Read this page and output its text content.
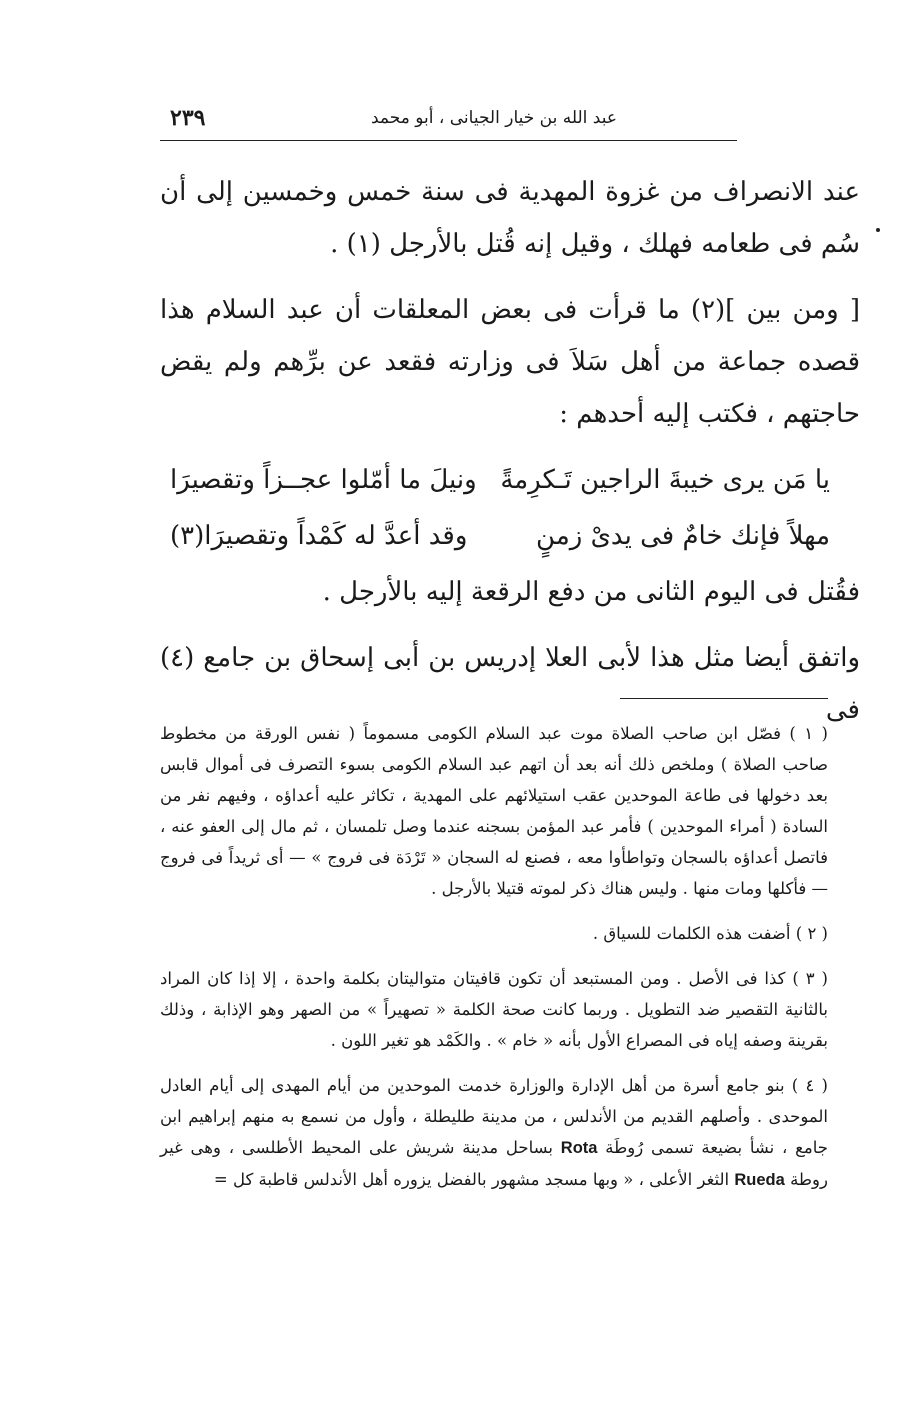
عبد الله بن خيار الجيانى ، أبو محمد
٢٣٩

عند الانصراف من غزوة المهدية فى سنة خمس وخمسين إلى أن سُم فى طعامه فهلك ، وقيل إنه قُتل بالأرجل (١) .

[ ومن بين ](٢) ما قرأت فى بعض المعلقات أن عبد السلام هذا قصده جماعة من أهل سَلاَ فى وزارته فقعد عن برِّهم ولم يقض حاجتهم ، فكتب إليه أحدهم :

يا مَن يرى خيبةَ الراجين تَـكرِمةً
ونيلَ ما أمّلوا عجــزاً وتقصيرَا
مهلاً فإنك خامٌ فى يدىْ زمنٍ
وقد أعدَّ له كَمْداً وتقصيرَا(٣)

فقُتل فى اليوم الثانى من دفع الرقعة إليه بالأرجل .

واتفق أيضا مثل هذا لأبى العلا إدريس بن أبى إسحاق بن جامع (٤) فى

( ١ ) فصّل ابن صاحب الصلاة موت عبد السلام الكومى مسموماً ( نفس الورقة من مخطوط صاحب الصلاة ) وملخص ذلك أنه بعد أن اتهم عبد السلام الكومى بسوء التصرف فى أموال قابس بعد دخولها فى طاعة الموحدين عقب استيلائهم على المهدية ، تكاثر عليه أعداؤه ، وفيهم نفر من السادة ( أمراء الموحدين ) فأمر عبد المؤمن بسجنه عندما وصل تلمسان ، ثم مال إلى العفو عنه ، فاتصل أعداؤه بالسجان وتواطأوا معه ، فصنع له السجان « تَرْدَة فى فروج » — أى ثريداً فى فروج — فأكلها ومات منها . وليس هناك ذكر لموته قتيلا بالأرجل .

( ٢ ) أضفت هذه الكلمات للسياق .

( ٣ ) كذا فى الأصل . ومن المستبعد أن تكون قافيتان متواليتان بكلمة واحدة ، إلا إذا كان المراد بالثانية التقصير ضد التطويل . وربما كانت صحة الكلمة « تصهيراً » من الصهر وهو الإذابة ، وذلك بقرينة وصفه إياه فى المصراع الأول بأنه « خام » . والكَمْد هو تغير اللون .

( ٤ ) بنو جامع أسرة من أهل الإدارة والوزارة خدمت الموحدين من أيام المهدى إلى أيام العادل الموحدى . وأصلهم القديم من الأندلس ، من مدينة طليطلة ، وأول من نسمع به منهم إبراهيم ابن جامع ، نشأ بضيعة تسمى رُوطَة Rota بساحل مدينة شريش على المحيط الأطلسى ، وهى غير روطة Rueda الثغر الأعلى ، « وبها مسجد مشهور بالفضل يزوره أهل الأندلس قاطبة كل =
